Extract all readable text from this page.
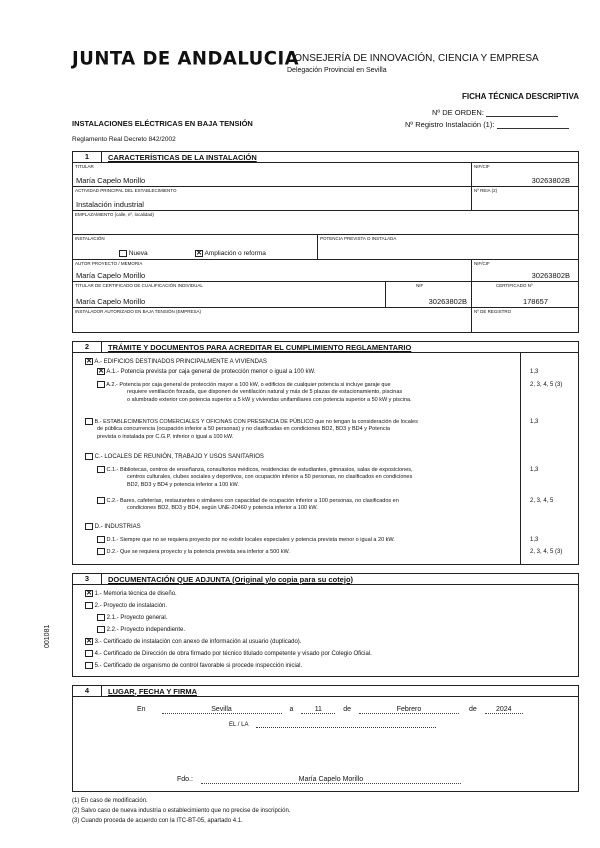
JUNTA DE ANDALUCIA
CONSEJERÍA DE INNOVACIÓN, CIENCIA Y EMPRESA
Delegación Provincial en Sevilla
FICHA TÉCNICA DESCRIPTIVA
Nº DE ORDEN:
Nº Registro Instalación (1):
INSTALACIONES ELÉCTRICAS EN BAJA TENSIÓN
Reglamento Real Decreto 842/2002
1	CARACTERÍSTICAS DE LA INSTALACIÓN
TITULAR
María Capelo Morillo
NIF/CIF
30263802B
ACTIVIDAD PRINCIPAL DEL ESTABLECIMIENTO
Instalación industrial
Nº REIA (2)
EMPLAZAMIENTO (calle, nº, localidad)
INSTALACIÓN
Nueva	✕ Ampliación o reforma
POTENCIA PREVISTA O INSTALADA
AUTOR PROYECTO / MEMORIA
María Capelo Morillo
NIF/CIF
30263802B
TITULAR DE CERTIFICADO DE CUALIFICACIÓN INDIVIDUAL
María Capelo Morillo
NIF
30263802B
CERTIFICADO Nº
178657
INSTALADOR AUTORIZADO EN BAJA TENSIÓN (EMPRESA)	Nº DE REGISTRO
2	TRÁMITE Y DOCUMENTOS PARA ACREDITAR EL CUMPLIMIENTO REGLAMENTARIO
✕ A.- EDIFICIOS DESTINADOS PRINCIPALMENTE A VIVIENDAS
✕ A.1.- Potencia prevista por caja general de protección menor o igual a 100 kW.	1,3
A.2.- Potencia por caja general de protección mayor a 100 kW, o edificios de cualquier potencia si incluye garaje que
requiere ventilación forzada, que disponen de ventilación natural y más de 5 plazas de estacionamiento, piscinas
o alumbrado exterior con potencia superior a 5 kW y viviendas unifamiliares con potencia superior a 50 kW y piscina.
2, 3, 4, 5 (3)
B.- ESTABLECIMIENTOS COMERCIALES Y OFICINAS CON PRESENCIA DE PÚBLICO que no tengan la consideración de locales
de pública concurrencia (ocupación inferior a 50 personas) y no clasificadas en condiciones BD2, BD3 y BD4 y Potencia
prevista o instalada por C.G.P. inferior o igual a 100 kW.
1,3
C.- LOCALES DE REUNIÓN, TRABAJO Y USOS SANITARIOS
C.1.- Bibliotecas, centros de enseñanza, consultorios médicos, residencias de estudiantes, gimnasios, salas de exposiciones,
centros culturales, clubes sociales y deportivos, con ocupación inferior a 50 personas, no clasificados en condiciones
BD2, BD3 y BD4 y potencia inferior a 100 kW.
1,3
C.2.- Bares, cafeterías, restaurantes o similares con capacidad de ocupación inferior a 100 personas, no clasificados en
condiciones BD2, BD3 y BD4, según UNE-20460 y potencia inferior a 100 kW.
2, 3, 4, 5
D.- INDUSTRIAS
D.1.- Siempre que no se requiera proyecto por no existir locales especiales y potencia prevista menor o igual a 20 kW.	1,3
D.2.- Que se requiera proyecto y la potencia prevista sea inferior a 500 kW.	2, 3, 4, 5 (3)
3	DOCUMENTACIÓN QUE ADJUNTA (Original y/o copia para su cotejo)
✕ 1.- Memoria técnica de diseño.
2.- Proyecto de instalación.
2.1.- Proyecto general.
2.2.- Proyecto independiente.
✕ 3.- Certificado de instalación con anexo de información al usuario (duplicado).
4.- Certificado de Dirección de obra firmado por técnico titulado competente y visado por Colegio Oficial.
5.- Certificado de organismo de control favorable si procede inspección inicial.
001081
4	LUGAR, FECHA Y FIRMA
En	Sevilla	a	11	de	Febrero	de	2024
EL / LA
Fdo.:	María Capelo Morillo
(1) En caso de modificación.
(2) Salvo caso de nueva industria o establecimiento que no precise de inscripción.
(3) Cuando proceda de acuerdo con la ITC-BT-05, apartado 4.1.
